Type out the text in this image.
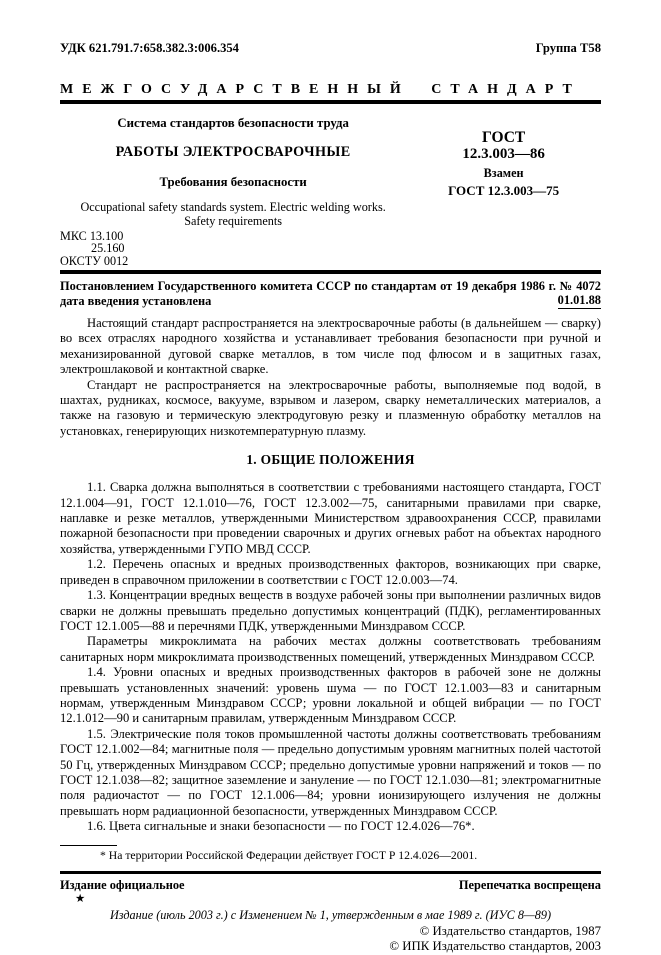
УДК 621.791.7:658.382.3:006.354	Группа Т58
МЕЖГОСУДАРСТВЕННЫЙ СТАНДАРТ
Система стандартов безопасности труда
РАБОТЫ ЭЛЕКТРОСВАРОЧНЫЕ
Требования безопасности
Occupational safety standards system. Electric welding works.
Safety requirements
ГОСТ
12.3.003—86
Взамен
ГОСТ 12.3.003—75
МКС 13.100
25.160
ОКСТУ 0012
Постановлением Государственного комитета СССР по стандартам от 19 декабря 1986 г. № 4072 дата введения установлена	01.01.88

Настоящий стандарт распространяется на электросварочные работы (в дальнейшем — сварку) во всех отраслях народного хозяйства и устанавливает требования безопасности при ручной и механизированной дуговой сварке металлов, в том числе под флюсом и в защитных газах, электрошлаковой и контактной сварке.

Стандарт не распространяется на электросварочные работы, выполняемые под водой, в шахтах, рудниках, космосе, вакууме, взрывом и лазером, сварку неметаллических материалов, а также на газовую и термическую электродуговую резку и плазменную обработку металлов на установках, генерирующих низкотемпературную плазму.

1. ОБЩИЕ ПОЛОЖЕНИЯ

1.1. Сварка должна выполняться в соответствии с требованиями настоящего стандарта, ГОСТ 12.1.004—91, ГОСТ 12.1.010—76, ГОСТ 12.3.002—75, санитарными правилами при сварке, наплавке и резке металлов, утвержденными Министерством здравоохранения СССР, правилами пожарной безопасности при проведении сварочных и других огневых работ на объектах народного хозяйства, утвержденными ГУПО МВД СССР.

1.2. Перечень опасных и вредных производственных факторов, возникающих при сварке, приведен в справочном приложении в соответствии с ГОСТ 12.0.003—74.

1.3. Концентрации вредных веществ в воздухе рабочей зоны при выполнении различных видов сварки не должны превышать предельно допустимых концентраций (ПДК), регламентированных ГОСТ 12.1.005—88 и перечнями ПДК, утвержденными Минздравом СССР.

Параметры микроклимата на рабочих местах должны соответствовать требованиям санитарных норм микроклимата производственных помещений, утвержденных Минздравом СССР.

1.4. Уровни опасных и вредных производственных факторов в рабочей зоне не должны превышать установленных значений: уровень шума — по ГОСТ 12.1.003—83 и санитарным нормам, утвержденным Минздравом СССР; уровни локальной и общей вибрации — по ГОСТ 12.1.012—90 и санитарным правилам, утвержденным Минздравом СССР.

1.5. Электрические поля токов промышленной частоты должны соответствовать требованиям ГОСТ 12.1.002—84; магнитные поля — предельно допустимым уровням магнитных полей частотой 50 Гц, утвержденных Минздравом СССР; предельно допустимые уровни напряжений и токов — по ГОСТ 12.1.038—82; защитное заземление и зануление — по ГОСТ 12.1.030—81; электромагнитные поля радиочастот — по ГОСТ 12.1.006—84; уровни ионизирующего излучения не должны превышать норм радиационной безопасности, утвержденных Минздравом СССР.

1.6. Цвета сигнальные и знаки безопасности — по ГОСТ 12.4.026—76*.

* На территории Российской Федерации действует ГОСТ Р 12.4.026—2001.

Издание официальное	Перепечатка воспрещена
★
Издание (июль 2003 г.) с Изменением № 1, утвержденным в мае 1989 г. (ИУС 8—89)
© Издательство стандартов, 1987
© ИПК Издательство стандартов, 2003
